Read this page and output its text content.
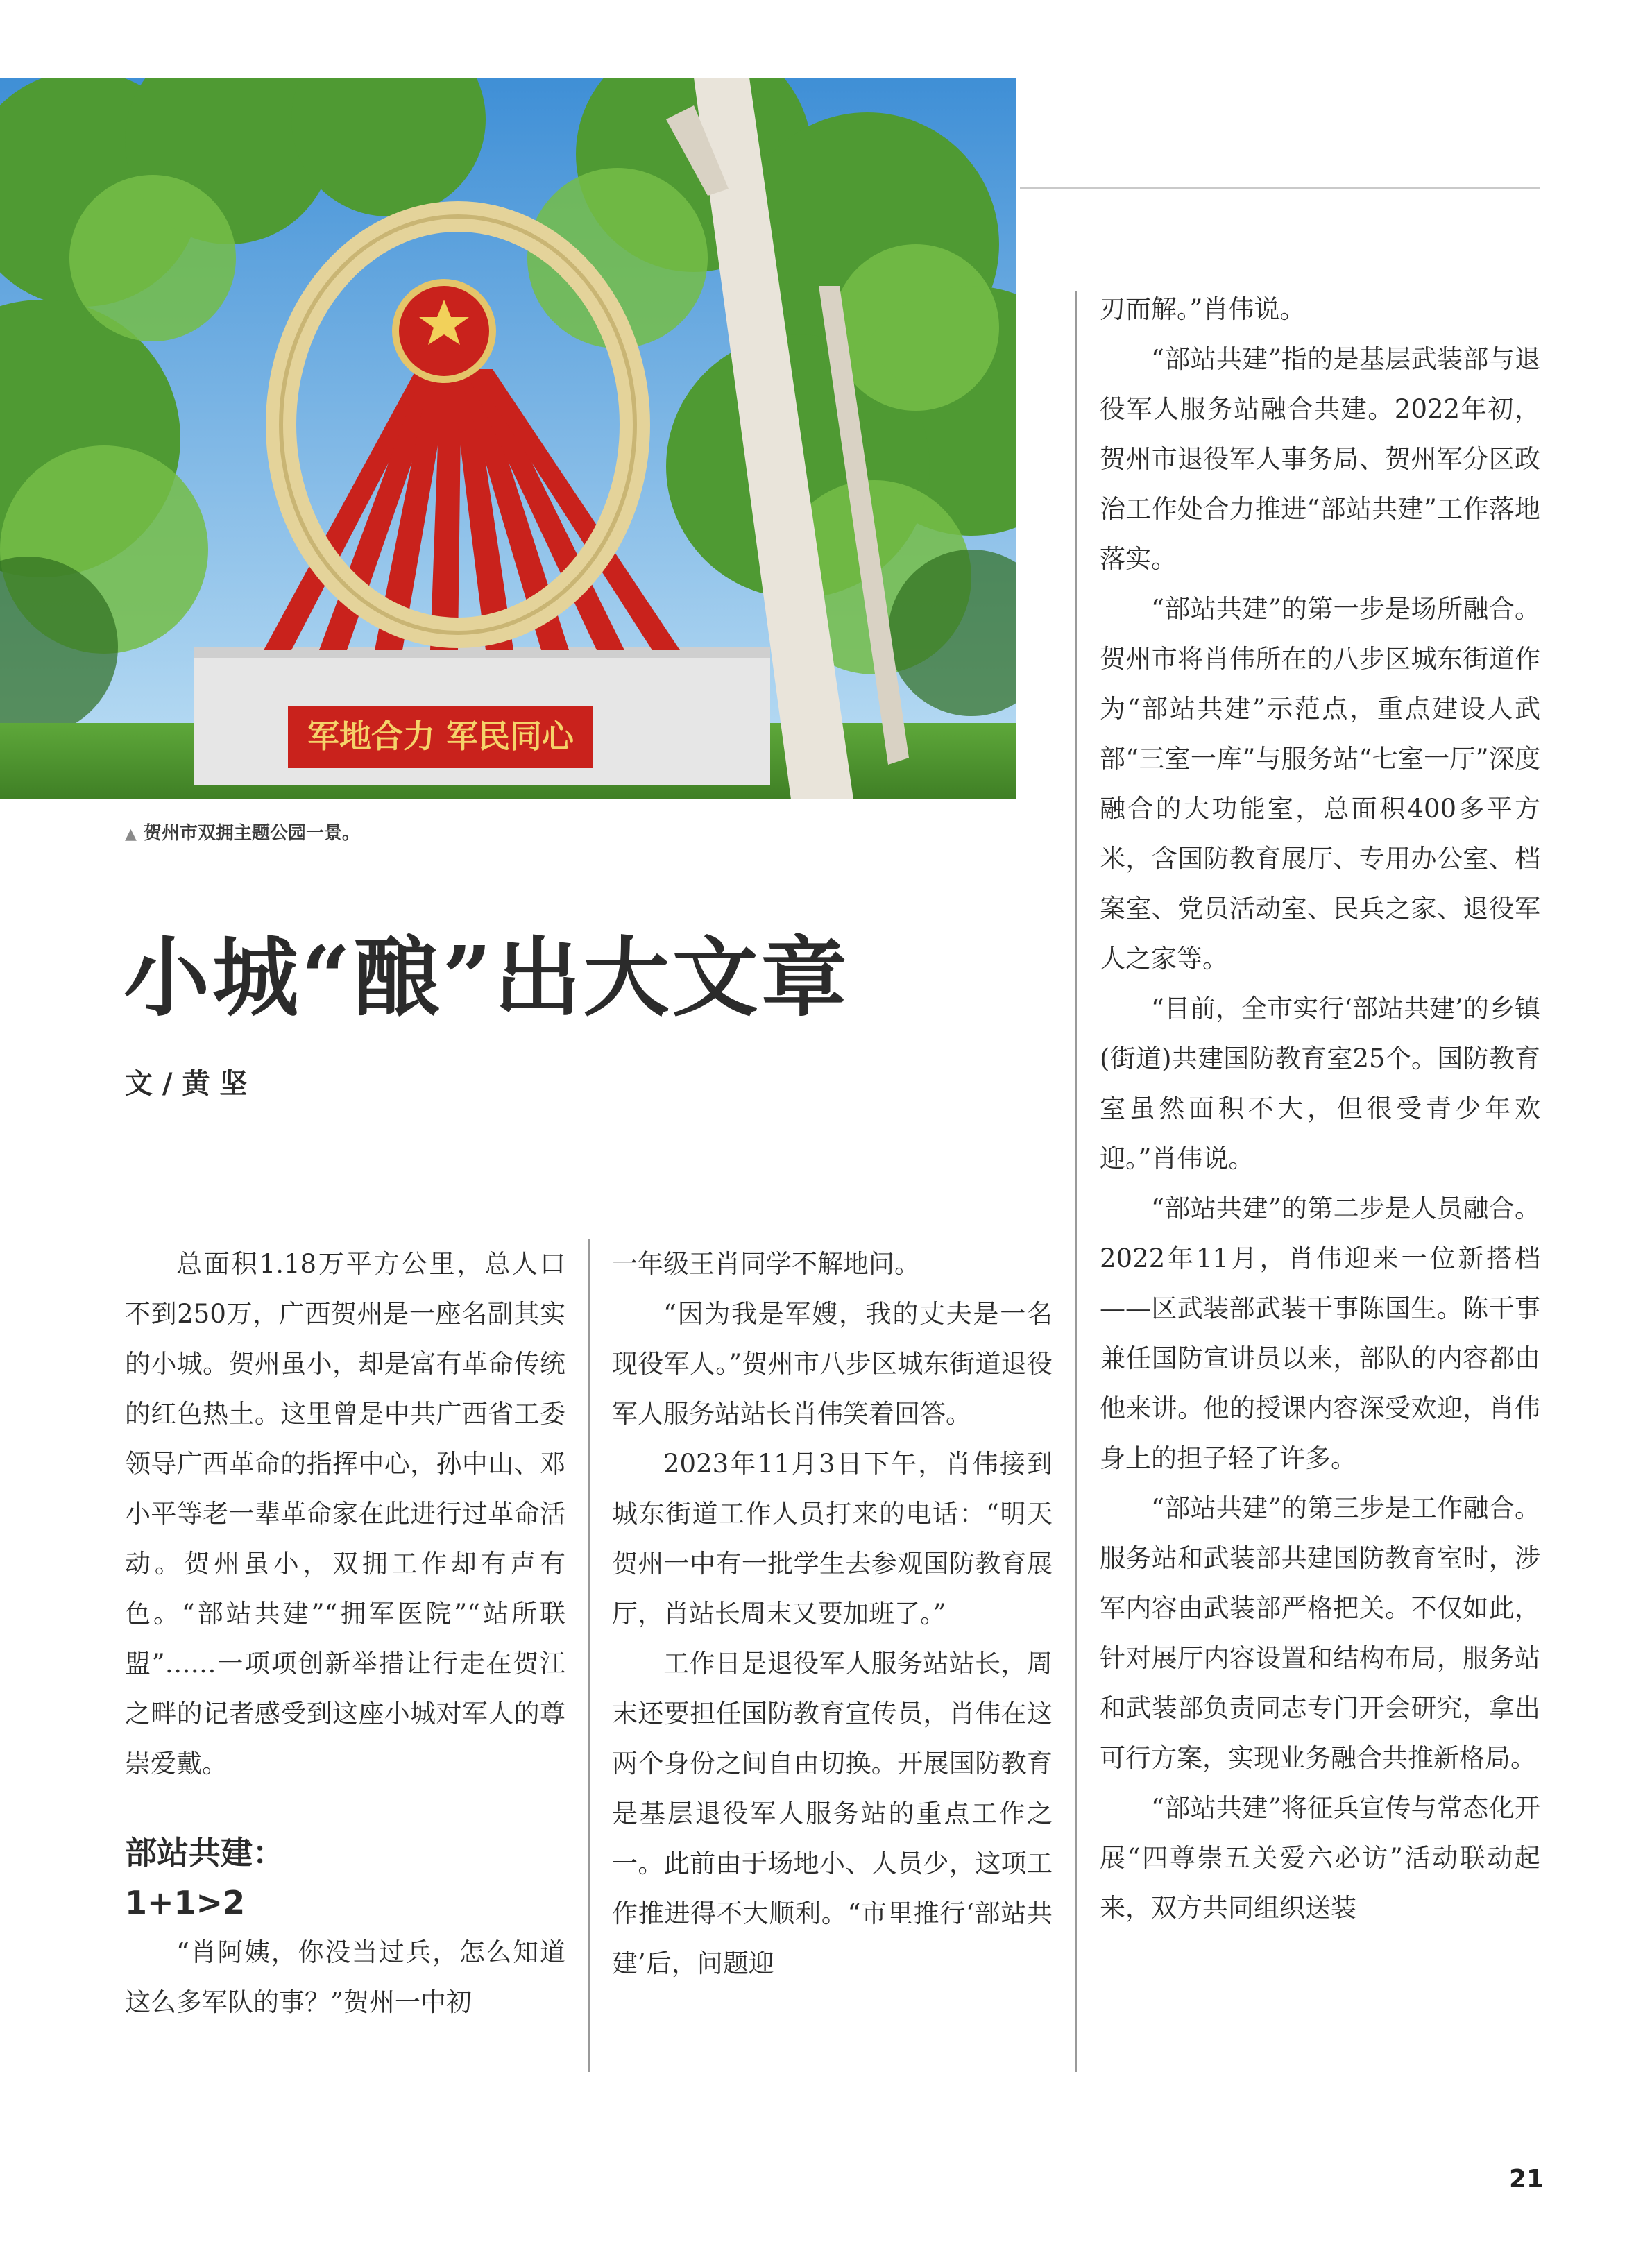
军地合力 军民同心
▲ 贺州市双拥主题公园一景。
小城“酿”出大文章
文 / 黄 坚

总面积1.18万平方公里，总人口不到250万，广西贺州是一座名副其实的小城。贺州虽小，却是富有革命传统的红色热土。这里曾是中共广西省工委领导广西革命的指挥中心，孙中山、邓小平等老一辈革命家在此进行过革命活动。贺州虽小，双拥工作却有声有色。“部站共建”“拥军医院”“站所联盟”……一项项创新举措让行走在贺江之畔的记者感受到这座小城对军人的尊崇爱戴。

部站共建：
1+1>2

“肖阿姨，你没当过兵，怎么知道这么多军队的事？”贺州一中初

一年级王肖同学不解地问。

“因为我是军嫂，我的丈夫是一名现役军人。”贺州市八步区城东街道退役军人服务站站长肖伟笑着回答。

2023年11月3日下午，肖伟接到城东街道工作人员打来的电话：“明天贺州一中有一批学生去参观国防教育展厅，肖站长周末又要加班了。”

工作日是退役军人服务站站长，周末还要担任国防教育宣传员，肖伟在这两个身份之间自由切换。开展国防教育是基层退役军人服务站的重点工作之一。此前由于场地小、人员少，这项工作推进得不大顺利。“市里推行‘部站共建’后，问题迎

刃而解。”肖伟说。

“部站共建”指的是基层武装部与退役军人服务站融合共建。2022年初，贺州市退役军人事务局、贺州军分区政治工作处合力推进“部站共建”工作落地落实。

“部站共建”的第一步是场所融合。贺州市将肖伟所在的八步区城东街道作为“部站共建”示范点，重点建设人武部“三室一库”与服务站“七室一厅”深度融合的大功能室，总面积400多平方米，含国防教育展厅、专用办公室、档案室、党员活动室、民兵之家、退役军人之家等。

“目前，全市实行‘部站共建’的乡镇(街道)共建国防教育室25个。国防教育室虽然面积不大，但很受青少年欢迎。”肖伟说。

“部站共建”的第二步是人员融合。2022年11月，肖伟迎来一位新搭档——区武装部武装干事陈国生。陈干事兼任国防宣讲员以来，部队的内容都由他来讲。他的授课内容深受欢迎，肖伟身上的担子轻了许多。

“部站共建”的第三步是工作融合。服务站和武装部共建国防教育室时，涉军内容由武装部严格把关。不仅如此，针对展厅内容设置和结构布局，服务站和武装部负责同志专门开会研究，拿出可行方案，实现业务融合共推新格局。

“部站共建”将征兵宣传与常态化开展“四尊崇五关爱六必访”活动联动起来，双方共同组织送装

21
